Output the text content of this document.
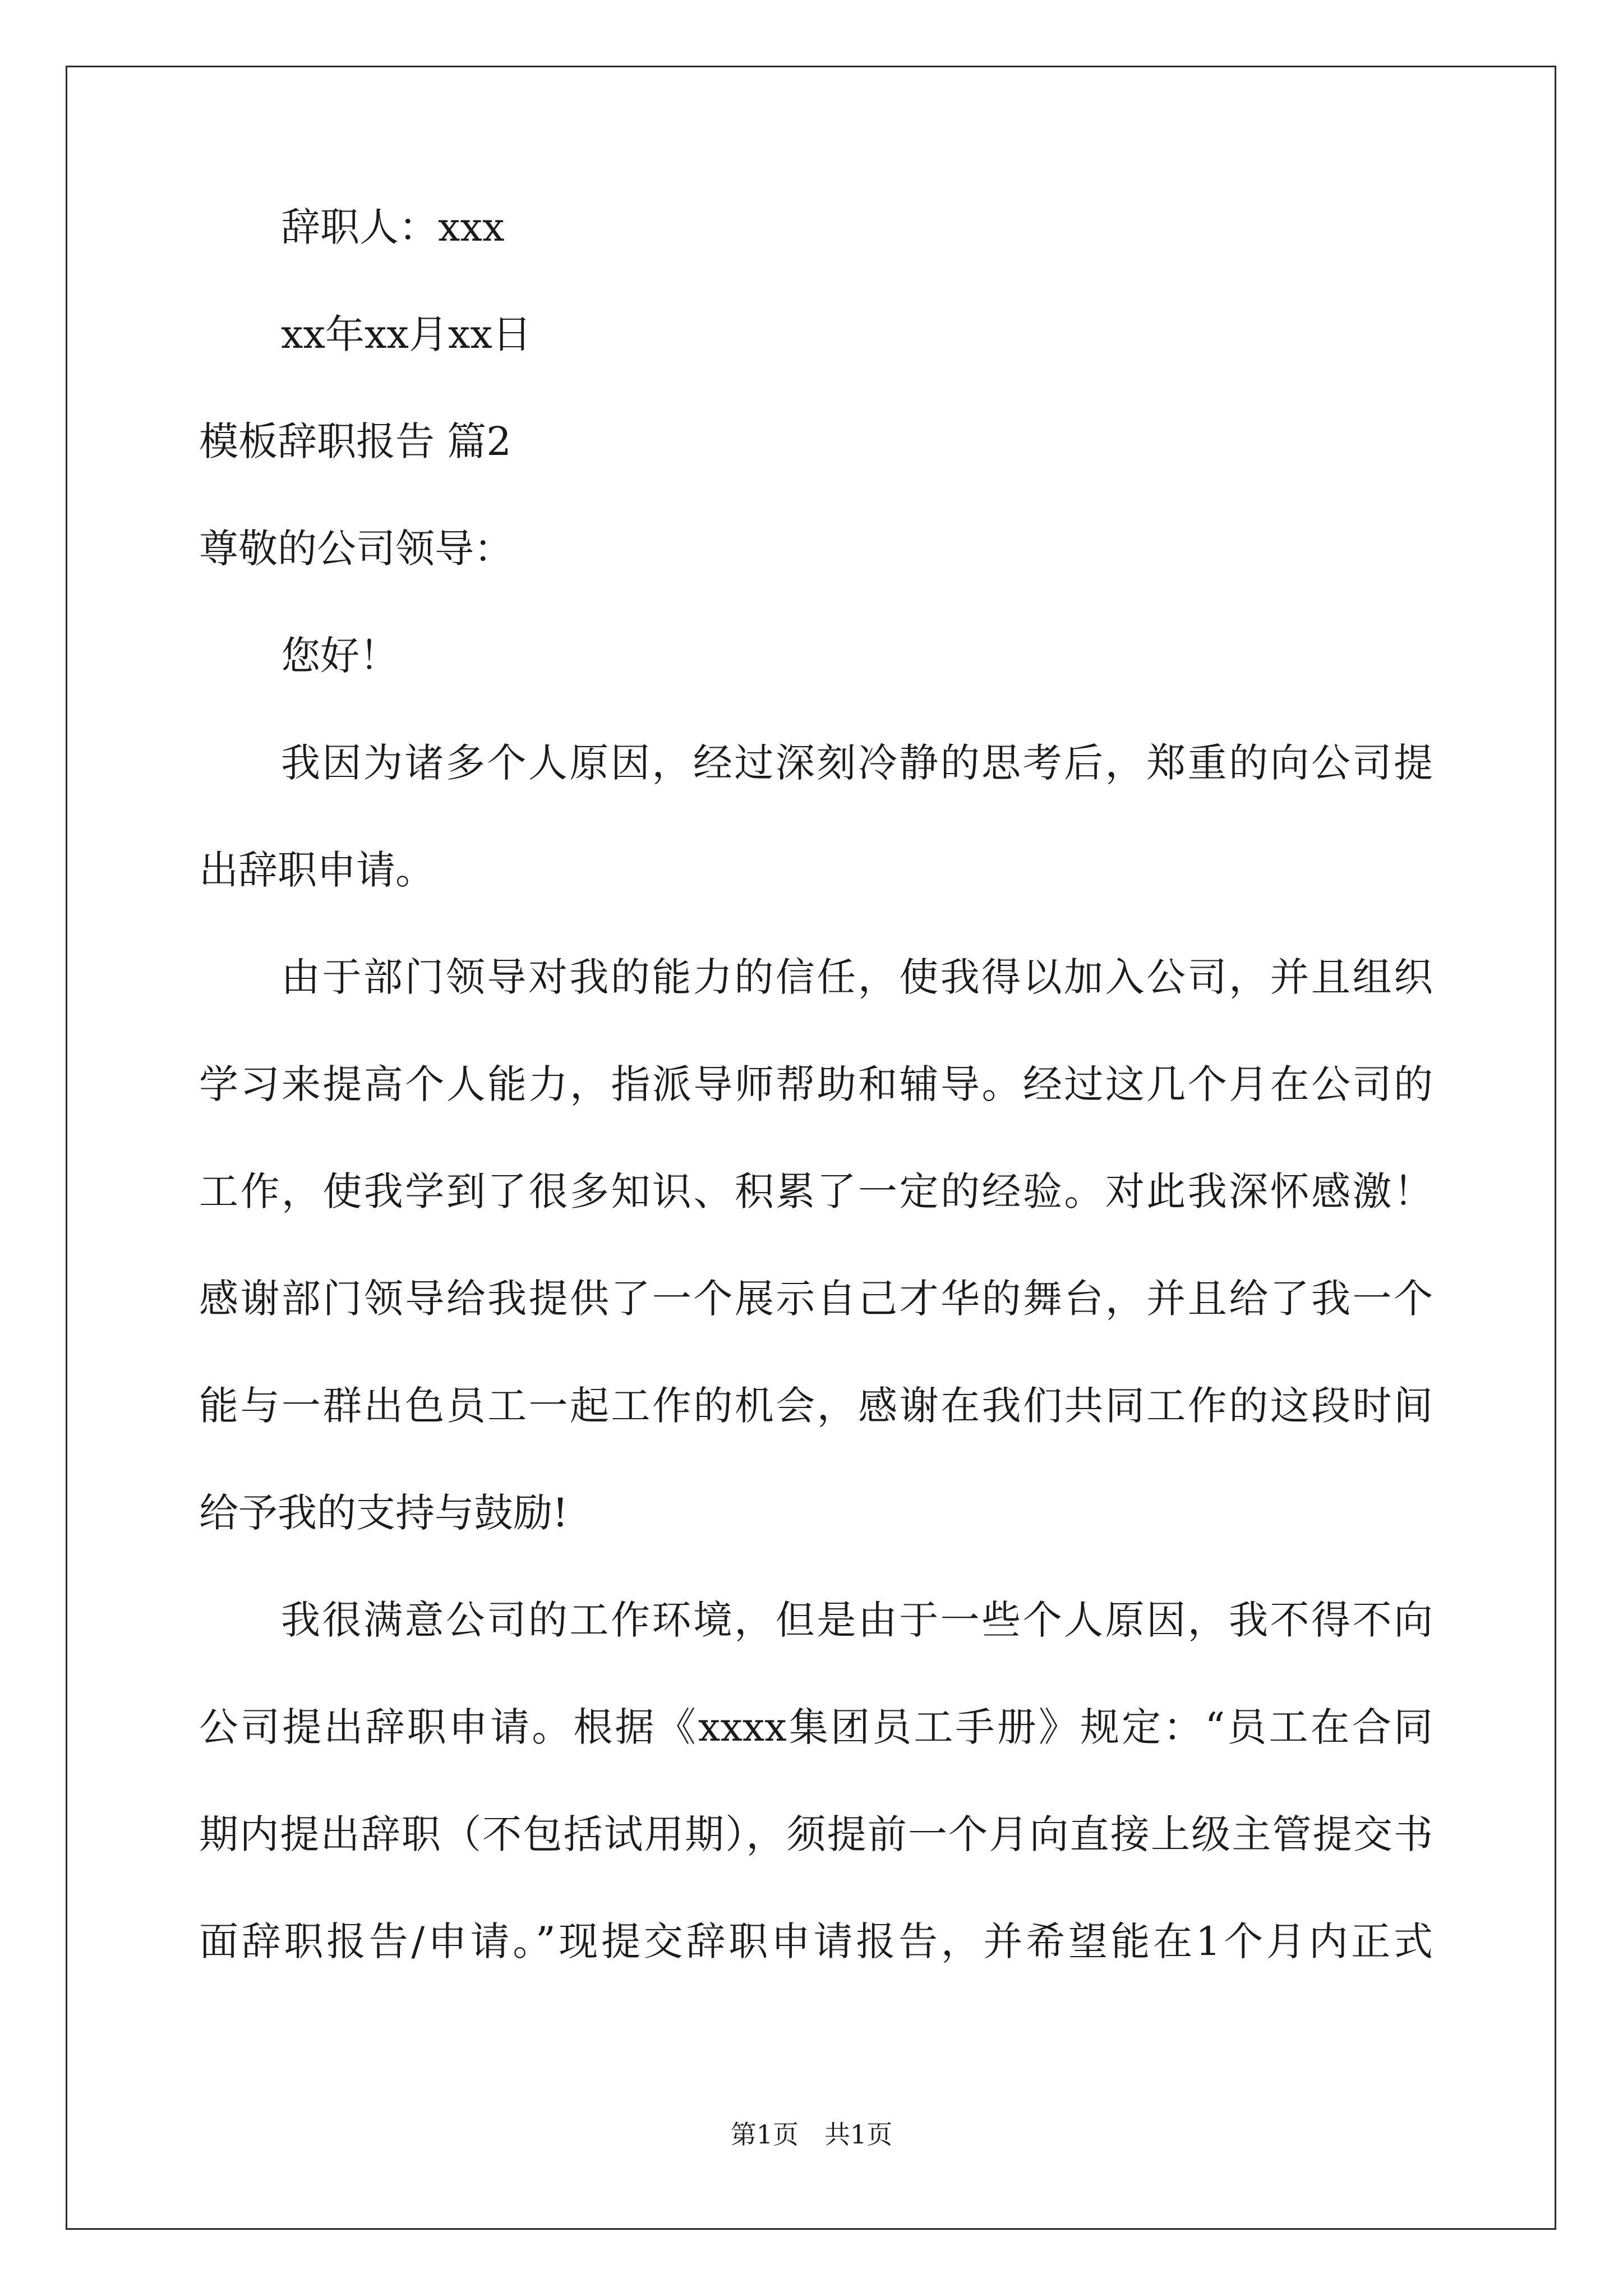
辞职人：xxx
xx年xx月xx日
模板辞职报告 篇2
尊敬的公司领导：
您好！
我因为诸多个人原因，经过深刻冷静的思考后，郑重的向公司提
出辞职申请。
由于部门领导对我的能力的信任，使我得以加入公司，并且组织
学习来提高个人能力，指派导师帮助和辅导。经过这几个月在公司的
工作，使我学到了很多知识、积累了一定的经验。对此我深怀感激！
感谢部门领导给我提供了一个展示自己才华的舞台，并且给了我一个
能与一群出色员工一起工作的机会，感谢在我们共同工作的这段时间
给予我的支持与鼓励!
我很满意公司的工作环境，但是由于一些个人原因，我不得不向
公司提出辞职申请。根据《xxxx集团员工手册》规定：“员工在合同
期内提出辞职（不包括试用期），须提前一个月向直接上级主管提交书
面辞职报告/申请。”现提交辞职申请报告，并希望能在1个月内正式
第1页　共1页
